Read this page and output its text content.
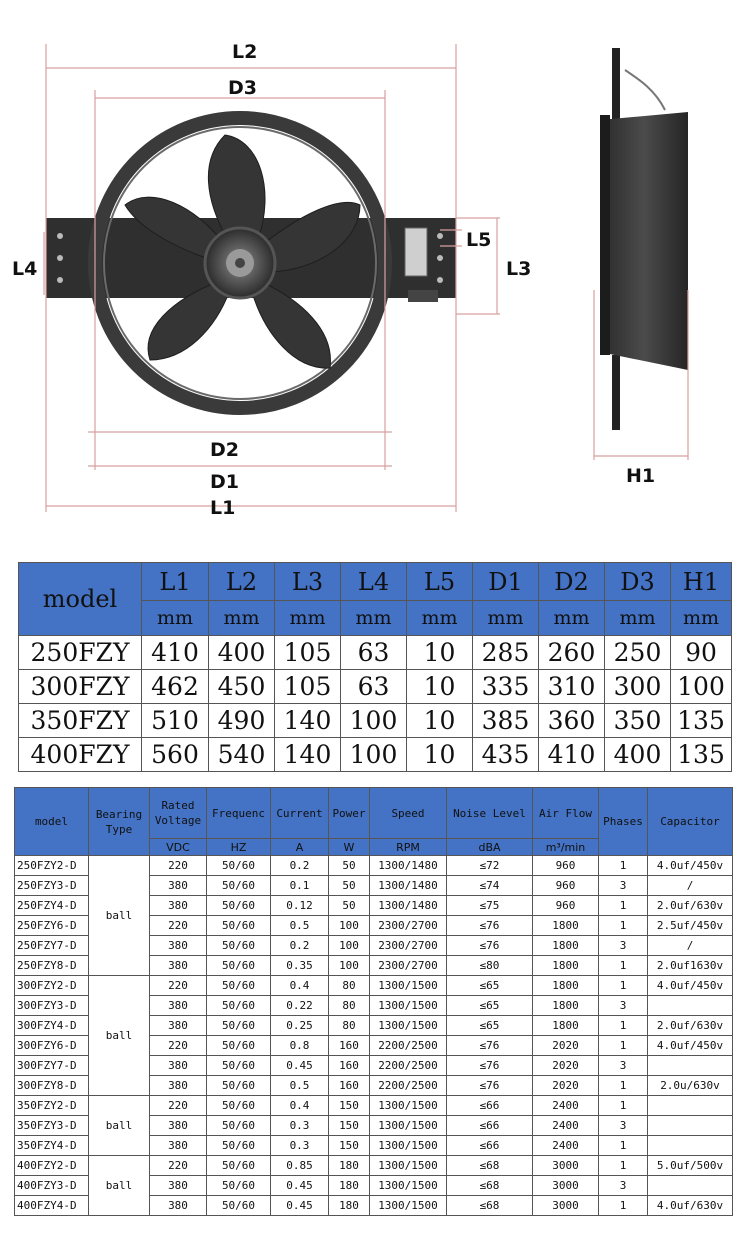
L2
D3
L4
L5
L3
D2
D1
L1
H1
model	L1	L2	L3	L4	L5	D1	D2	D3	H1
	mm	mm	mm	mm	mm	mm	mm	mm	mm
250FZY	410	400	105	63	10	285	260	250	90
300FZY	462	450	105	63	10	335	310	300	100
350FZY	510	490	140	100	10	385	360	350	135
400FZY	560	540	140	100	10	435	410	400	135
model	Bearing Type	Rated Voltage	Frequenc	Current	Power	Speed	Noise Level	Air Flow	Phases	Capacitor
		VDC	HZ	A	W	RPM	dBA	m³/min		
250FZY2-D	ball	220	50/60	0.2	50	1300/1480	≤72	960	1	4.0uf/450v
250FZY3-D		380	50/60	0.1	50	1300/1480	≤74	960	3	/
250FZY4-D		380	50/60	0.12	50	1300/1480	≤75	960	1	2.0uf/630v
250FZY6-D		220	50/60	0.5	100	2300/2700	≤76	1800	1	2.5uf/450v
250FZY7-D		380	50/60	0.2	100	2300/2700	≤76	1800	3	/
250FZY8-D		380	50/60	0.35	100	2300/2700	≤80	1800	1	2.0uf1630v
300FZY2-D	ball	220	50/60	0.4	80	1300/1500	≤65	1800	1	4.0uf/450v
300FZY3-D		380	50/60	0.22	80	1300/1500	≤65	1800	3	
300FZY4-D		380	50/60	0.25	80	1300/1500	≤65	1800	1	2.0uf/630v
300FZY6-D		220	50/60	0.8	160	2200/2500	≤76	2020	1	4.0uf/450v
300FZY7-D		380	50/60	0.45	160	2200/2500	≤76	2020	3	
300FZY8-D		380	50/60	0.5	160	2200/2500	≤76	2020	1	2.0u/630v
350FZY2-D	ball	220	50/60	0.4	150	1300/1500	≤66	2400	1	
350FZY3-D		380	50/60	0.3	150	1300/1500	≤66	2400	3	
350FZY4-D		380	50/60	0.3	150	1300/1500	≤66	2400	1	
400FZY2-D	ball	220	50/60	0.85	180	1300/1500	≤68	3000	1	5.0uf/500v
400FZY3-D		380	50/60	0.45	180	1300/1500	≤68	3000	3	
400FZY4-D		380	50/60	0.45	180	1300/1500	≤68	3000	1	4.0uf/630v
